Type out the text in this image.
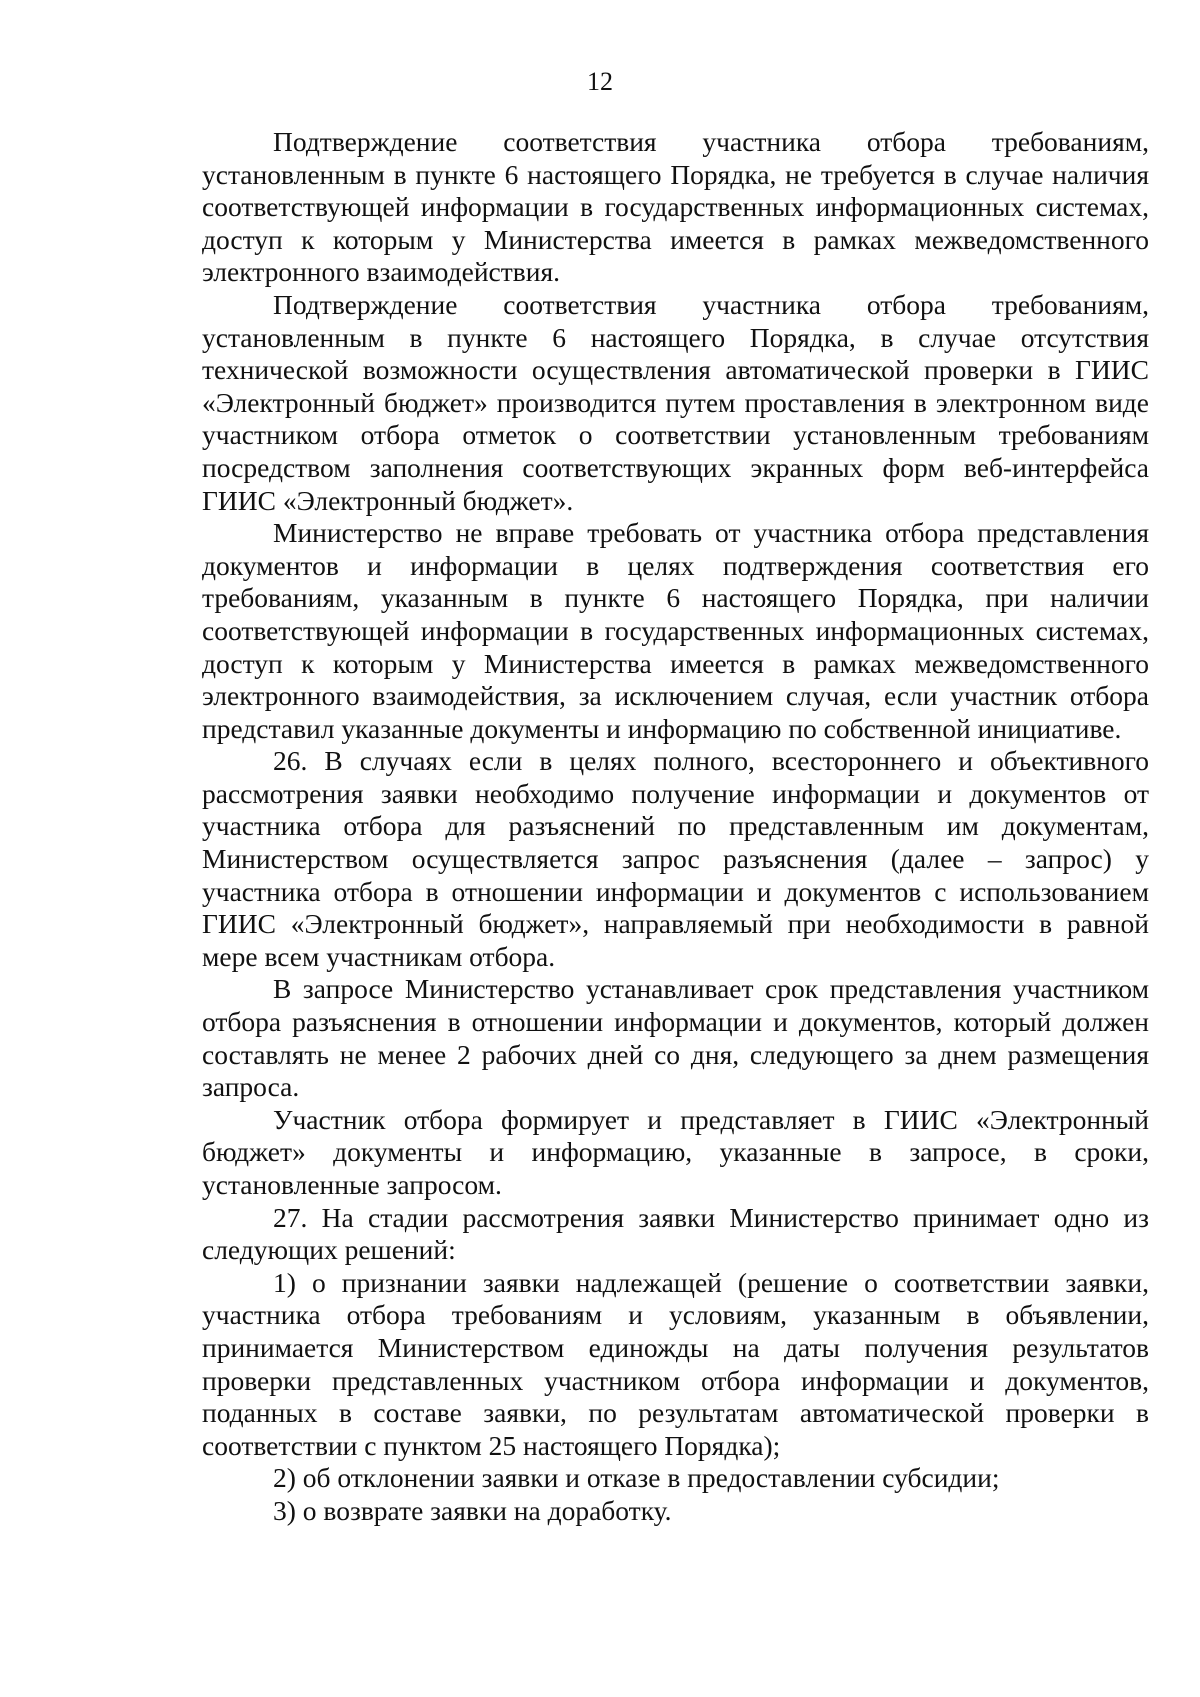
12

Подтверждение соответствия участника отбора требованиям, установленным в пункте 6 настоящего Порядка, не требуется в случае наличия соответствующей информации в государственных информационных системах, доступ к которым у Министерства имеется в рамках межведомственного электронного взаимодействия.

Подтверждение соответствия участника отбора требованиям, установленным в пункте 6 настоящего Порядка, в случае отсутствия технической возможности осуществления автоматической проверки в ГИИС «Электронный бюджет» производится путем проставления в электронном виде участником отбора отметок о соответствии установленным требованиям посредством заполнения соответствующих экранных форм веб-интерфейса ГИИС «Электронный бюджет».

Министерство не вправе требовать от участника отбора представления документов и информации в целях подтверждения соответствия его требованиям, указанным в пункте 6 настоящего Порядка, при наличии соответствующей информации в государственных информационных системах, доступ к которым у Министерства имеется в рамках межведомственного электронного взаимодействия, за исключением случая, если участник отбора представил указанные документы и информацию по собственной инициативе.

26. В случаях если в целях полного, всестороннего и объективного рассмотрения заявки необходимо получение информации и документов от участника отбора для разъяснений по представленным им документам, Министерством осуществляется запрос разъяснения (далее – запрос) у участника отбора в отношении информации и документов с использованием ГИИС «Электронный бюджет», направляемый при необходимости в равной мере всем участникам отбора.

В запросе Министерство устанавливает срок представления участником отбора разъяснения в отношении информации и документов, который должен составлять не менее 2 рабочих дней со дня, следующего за днем размещения запроса.

Участник отбора формирует и представляет в ГИИС «Электронный бюджет» документы и информацию, указанные в запросе, в сроки, установленные запросом.

27. На стадии рассмотрения заявки Министерство принимает одно из следующих решений:

1) о признании заявки надлежащей (решение о соответствии заявки, участника отбора требованиям и условиям, указанным в объявлении, принимается Министерством единожды на даты получения результатов проверки представленных участником отбора информации и документов, поданных в составе заявки, по результатам автоматической проверки в соответствии с пунктом 25 настоящего Порядка);

2) об отклонении заявки и отказе в предоставлении субсидии;

3) о возврате заявки на доработку.
